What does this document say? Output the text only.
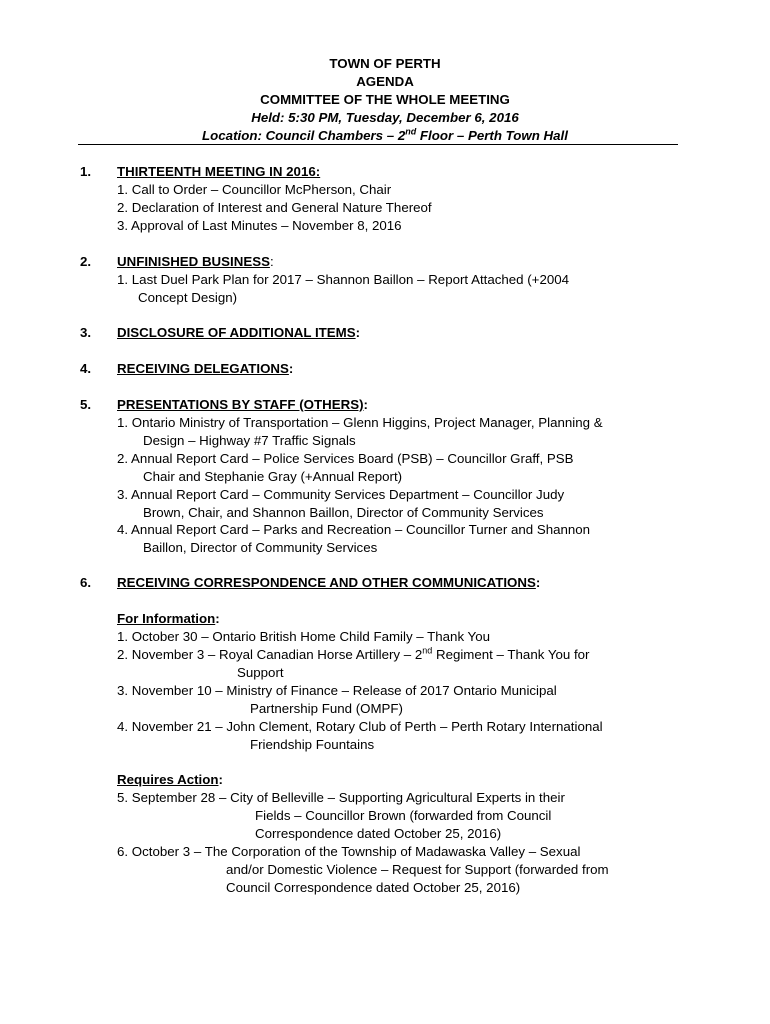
TOWN OF PERTH
AGENDA
COMMITTEE OF THE WHOLE MEETING
Held: 5:30 PM, Tuesday, December 6, 2016
Location: Council Chambers – 2nd Floor – Perth Town Hall
1. THIRTEENTH MEETING IN 2016:
1. Call to Order – Councillor McPherson, Chair
2. Declaration of Interest and General Nature Thereof
3. Approval of Last Minutes – November 8, 2016
2. UNFINISHED BUSINESS:
1. Last Duel Park Plan for 2017 – Shannon Baillon – Report Attached (+2004
Concept Design)
3. DISCLOSURE OF ADDITIONAL ITEMS:
4. RECEIVING DELEGATIONS:
5. PRESENTATIONS BY STAFF (OTHERS):
1. Ontario Ministry of Transportation – Glenn Higgins, Project Manager, Planning &
Design – Highway #7 Traffic Signals
2. Annual Report Card – Police Services Board (PSB) – Councillor Graff, PSB
Chair and Stephanie Gray (+Annual Report)
3. Annual Report Card – Community Services Department – Councillor Judy
Brown, Chair, and Shannon Baillon, Director of Community Services
4. Annual Report Card – Parks and Recreation – Councillor Turner and Shannon
Baillon, Director of Community Services
6. RECEIVING CORRESPONDENCE AND OTHER COMMUNICATIONS:
For Information:
1. October 30 – Ontario British Home Child Family – Thank You
2. November 3 – Royal Canadian Horse Artillery – 2nd Regiment – Thank You for
Support
3. November 10 – Ministry of Finance – Release of 2017 Ontario Municipal
Partnership Fund (OMPF)
4. November 21 – John Clement, Rotary Club of Perth – Perth Rotary International
Friendship Fountains
Requires Action:
5. September 28 – City of Belleville – Supporting Agricultural Experts in their
Fields – Councillor Brown (forwarded from Council
Correspondence dated October 25, 2016)
6. October 3 – The Corporation of the Township of Madawaska Valley – Sexual
and/or Domestic Violence – Request for Support (forwarded from
Council Correspondence dated October 25, 2016)
